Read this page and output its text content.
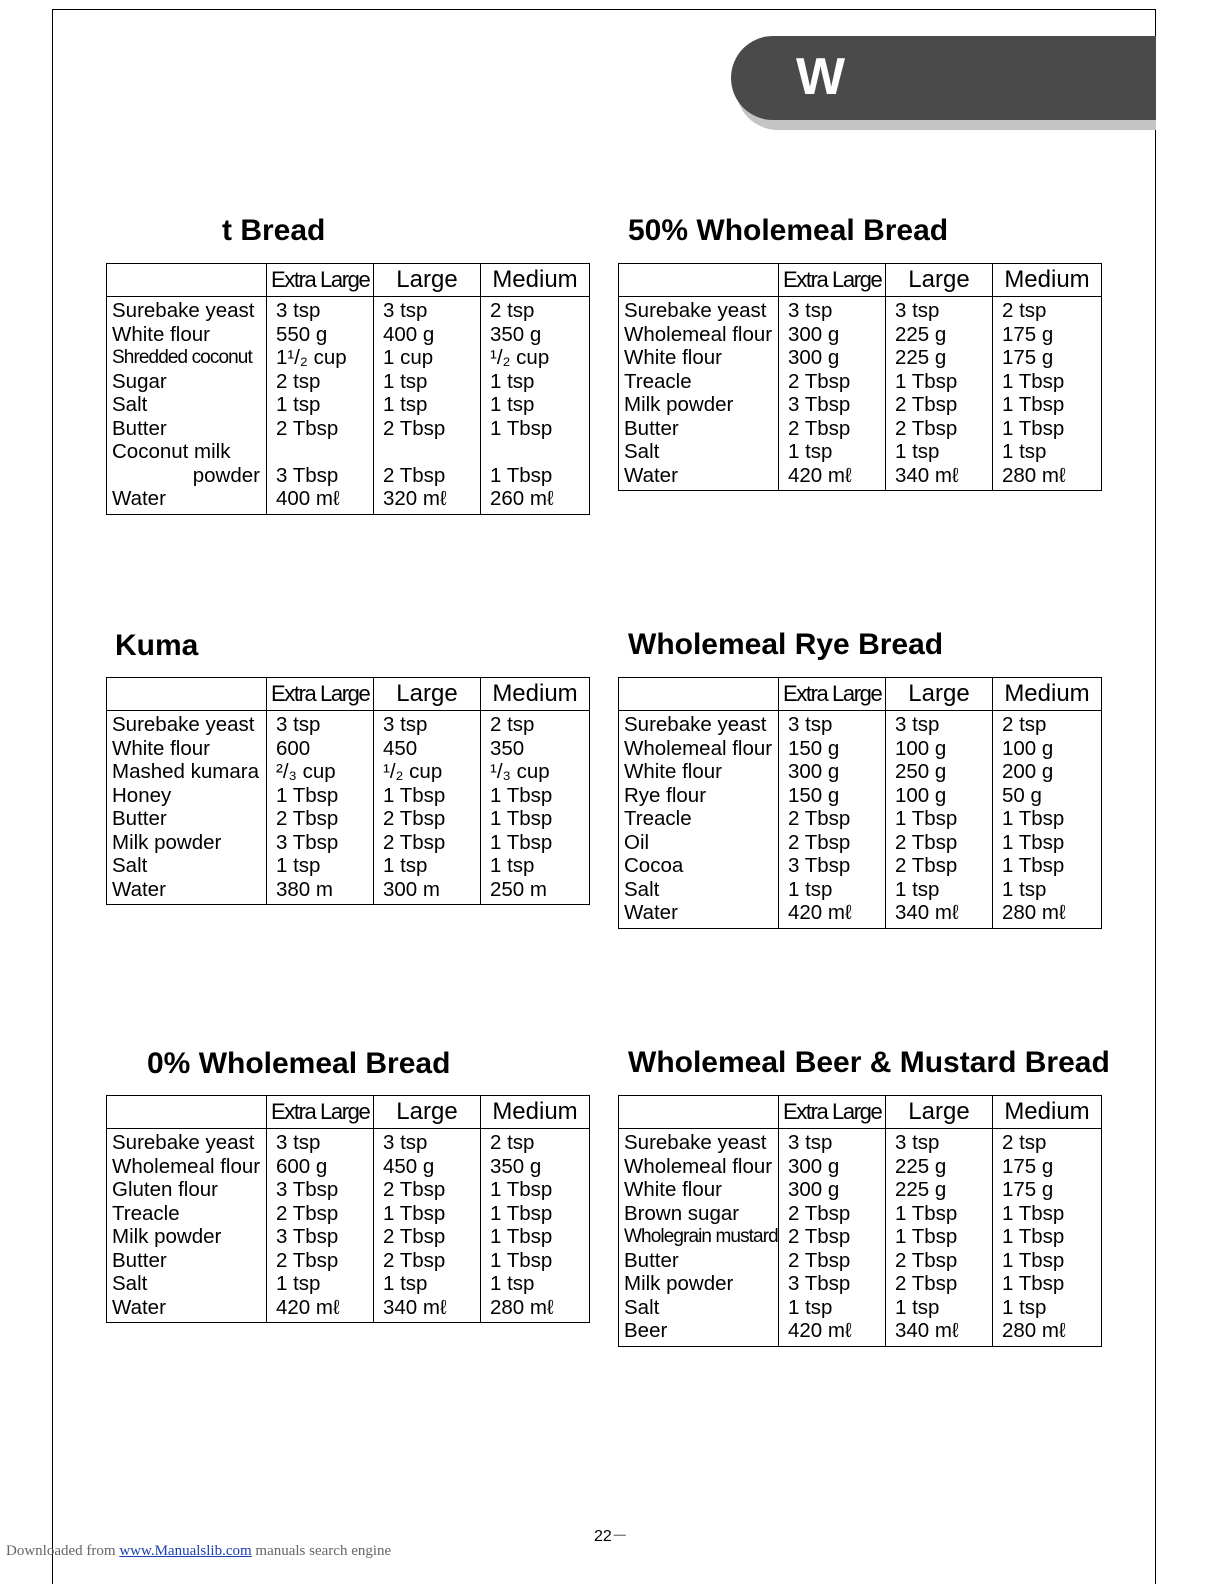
W
t Bread
	Extra Large	Large	Medium
Surebake yeast	3 tsp	3 tsp	2 tsp
White flour	550 g	400 g	350 g
Shredded coconut	1¹/₂ cup	1 cup	¹/₂ cup
Sugar	2 tsp	1 tsp	1 tsp
Salt	1 tsp	1 tsp	1 tsp
Butter	2 Tbsp	2 Tbsp	1 Tbsp
Coconut milk			
powder	3 Tbsp	2 Tbsp	1 Tbsp
Water	400 mℓ	320 mℓ	260 mℓ
50% Wholemeal Bread
	Extra Large	Large	Medium
Surebake yeast	3 tsp	3 tsp	2 tsp
Wholemeal flour	300 g	225 g	175 g
White flour	300 g	225 g	175 g
Treacle	2 Tbsp	1 Tbsp	1 Tbsp
Milk powder	3 Tbsp	2 Tbsp	1 Tbsp
Butter	2 Tbsp	2 Tbsp	1 Tbsp
Salt	1 tsp	1 tsp	1 tsp
Water	420 mℓ	340 mℓ	280 mℓ
Kuma
	Extra Large	Large	Medium
Surebake yeast	3 tsp	3 tsp	2 tsp
White flour	600	450	350
Mashed kumara	²/₃ cup	¹/₂ cup	¹/₃ cup
Honey	1 Tbsp	1 Tbsp	1 Tbsp
Butter	2 Tbsp	2 Tbsp	1 Tbsp
Milk powder	3 Tbsp	2 Tbsp	1 Tbsp
Salt	1 tsp	1 tsp	1 tsp
Water	380 m	300 m	250 m
Wholemeal Rye Bread
	Extra Large	Large	Medium
Surebake yeast	3 tsp	3 tsp	2 tsp
Wholemeal flour	150 g	100 g	100 g
White flour	300 g	250 g	200 g
Rye flour	150 g	100 g	50 g
Treacle	2 Tbsp	1 Tbsp	1 Tbsp
Oil	2 Tbsp	2 Tbsp	1 Tbsp
Cocoa	3 Tbsp	2 Tbsp	1 Tbsp
Salt	1 tsp	1 tsp	1 tsp
Water	420 mℓ	340 mℓ	280 mℓ
0% Wholemeal Bread
	Extra Large	Large	Medium
Surebake yeast	3 tsp	3 tsp	2 tsp
Wholemeal flour	600 g	450 g	350 g
Gluten flour	3 Tbsp	2 Tbsp	1 Tbsp
Treacle	2 Tbsp	1 Tbsp	1 Tbsp
Milk powder	3 Tbsp	2 Tbsp	1 Tbsp
Butter	2 Tbsp	2 Tbsp	1 Tbsp
Salt	1 tsp	1 tsp	1 tsp
Water	420 mℓ	340 mℓ	280 mℓ
Wholemeal Beer & Mustard Bread
	Extra Large	Large	Medium
Surebake yeast	3 tsp	3 tsp	2 tsp
Wholemeal flour	300 g	225 g	175 g
White flour	300 g	225 g	175 g
Brown sugar	2 Tbsp	1 Tbsp	1 Tbsp
Wholegrain mustard	2 Tbsp	1 Tbsp	1 Tbsp
Butter	2 Tbsp	2 Tbsp	1 Tbsp
Milk powder	3 Tbsp	2 Tbsp	1 Tbsp
Salt	1 tsp	1 tsp	1 tsp
Beer	420 mℓ	340 mℓ	280 mℓ
22－
Downloaded from www.Manualslib.com manuals search engine
